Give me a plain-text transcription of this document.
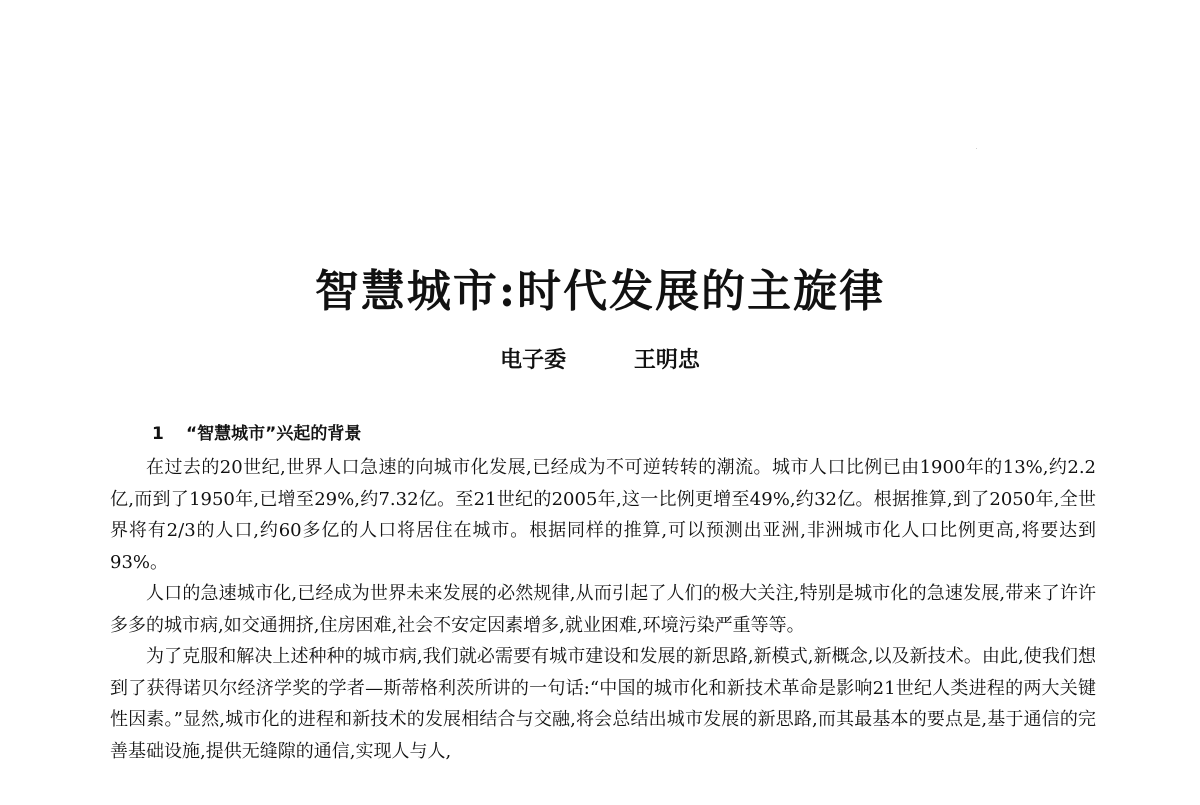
智慧城市:时代发展的主旋律
电子委	王明忠
1 “智慧城市”兴起的背景

在过去的20世纪,世界人口急速的向城市化发展,已经成为不可逆转转的潮流。城市人口比例已由1900年的13%,约2.2亿,而到了1950年,已增至29%,约7.32亿。至21世纪的2005年,这一比例更增至49%,约32亿。根据推算,到了2050年,全世界将有2/3的人口,约60多亿的人口将居住在城市。根据同样的推算,可以预测出亚洲,非洲城市化人口比例更高,将要达到93%。

人口的急速城市化,已经成为世界未来发展的必然规律,从而引起了人们的极大关注,特别是城市化的急速发展,带来了许许多多的城市病,如交通拥挤,住房困难,社会不安定因素增多,就业困难,环境污染严重等等。

为了克服和解决上述种种的城市病,我们就必需要有城市建设和发展的新思路,新模式,新概念,以及新技术。由此,使我们想到了获得诺贝尔经济学奖的学者—斯蒂格利茨所讲的一句话:“中国的城市化和新技术革命是影响21世纪人类进程的两大关键性因素。”显然,城市化的进程和新技术的发展相结合与交融,将会总结出城市发展的新思路,而其最基本的要点是,基于通信的完善基础设施,提供无缝隙的通信,实现人与人,
